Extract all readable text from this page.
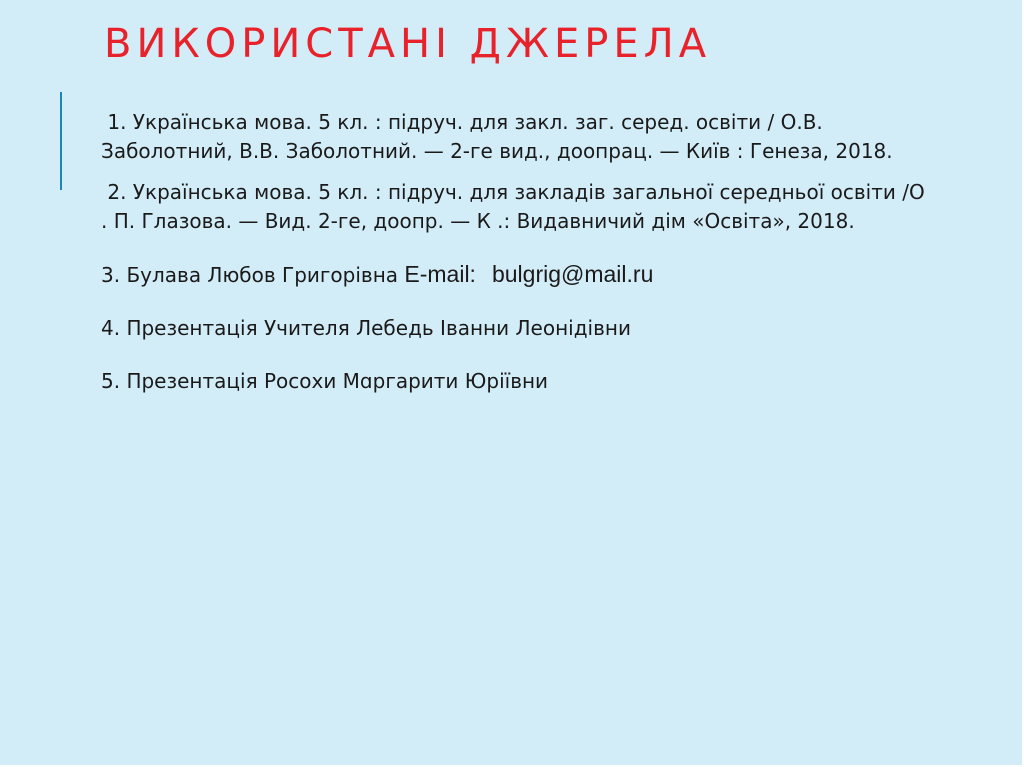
ВИКОРИСТАНІ ДЖЕРЕЛА

1. Українська мова. 5 кл. : підруч. для закл. заг. серед. освіти / О.В. Заболотний, В.В. Заболотний. — 2-ге вид., доопрац. — Київ : Генеза, 2018.

2. Українська мова. 5 кл. : підруч. для закладів загальної середньої освіти /О . П. Глазова. — Вид. 2-ге, доопр. — К .: Видавничий дім «Освіта», 2018.

3. Булава Любов Григорівна E-mail: bulgrig@mail.ru

4. Презентація Учителя Лебедь Іванни Леонідівни

5. Презентація Росохи Мɑргарити Юріївни
